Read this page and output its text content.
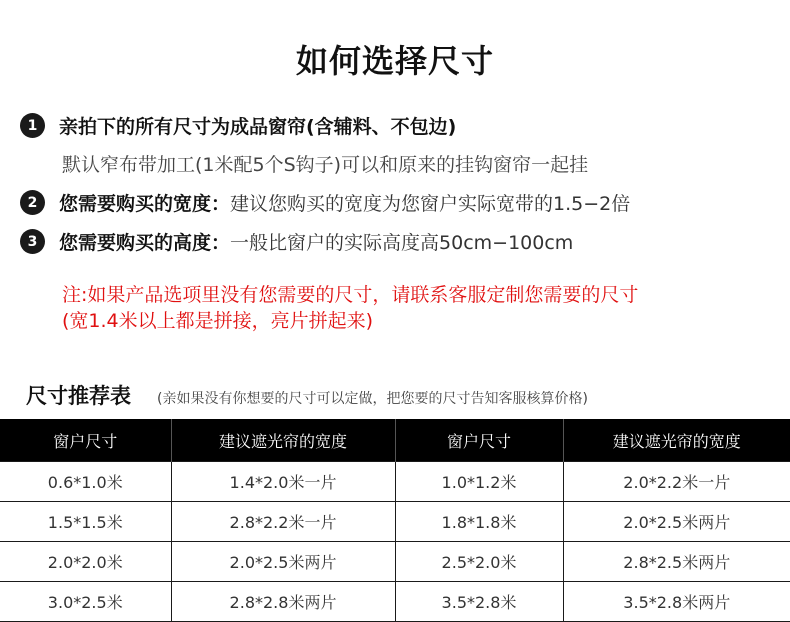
如何选择尺寸
1	亲拍下的所有尺寸为成品窗帘(含辅料、不包边)
默认窄布带加工(1米配5个S钩子)可以和原来的挂钩窗帘一起挂
2	您需要购买的宽度： 建议您购买的宽度为您窗户实际宽带的1.5−2倍
3	您需要购买的高度： 一般比窗户的实际高度高50cm−100cm
注:如果产品选项里没有您需要的尺寸，请联系客服定制您需要的尺寸
(宽1.4米以上都是拼接，亮片拼起来)
尺寸推荐表 (亲如果没有你想要的尺寸可以定做，把您要的尺寸告知客服核算价格)
窗户尺寸	建议遮光帘的宽度	窗户尺寸	建议遮光帘的宽度
0.6*1.0米	1.4*2.0米一片	1.0*1.2米	2.0*2.2米一片
1.5*1.5米	2.8*2.2米一片	1.8*1.8米	2.0*2.5米两片
2.0*2.0米	2.0*2.5米两片	2.5*2.0米	2.8*2.5米两片
3.0*2.5米	2.8*2.8米两片	3.5*2.8米	3.5*2.8米两片
